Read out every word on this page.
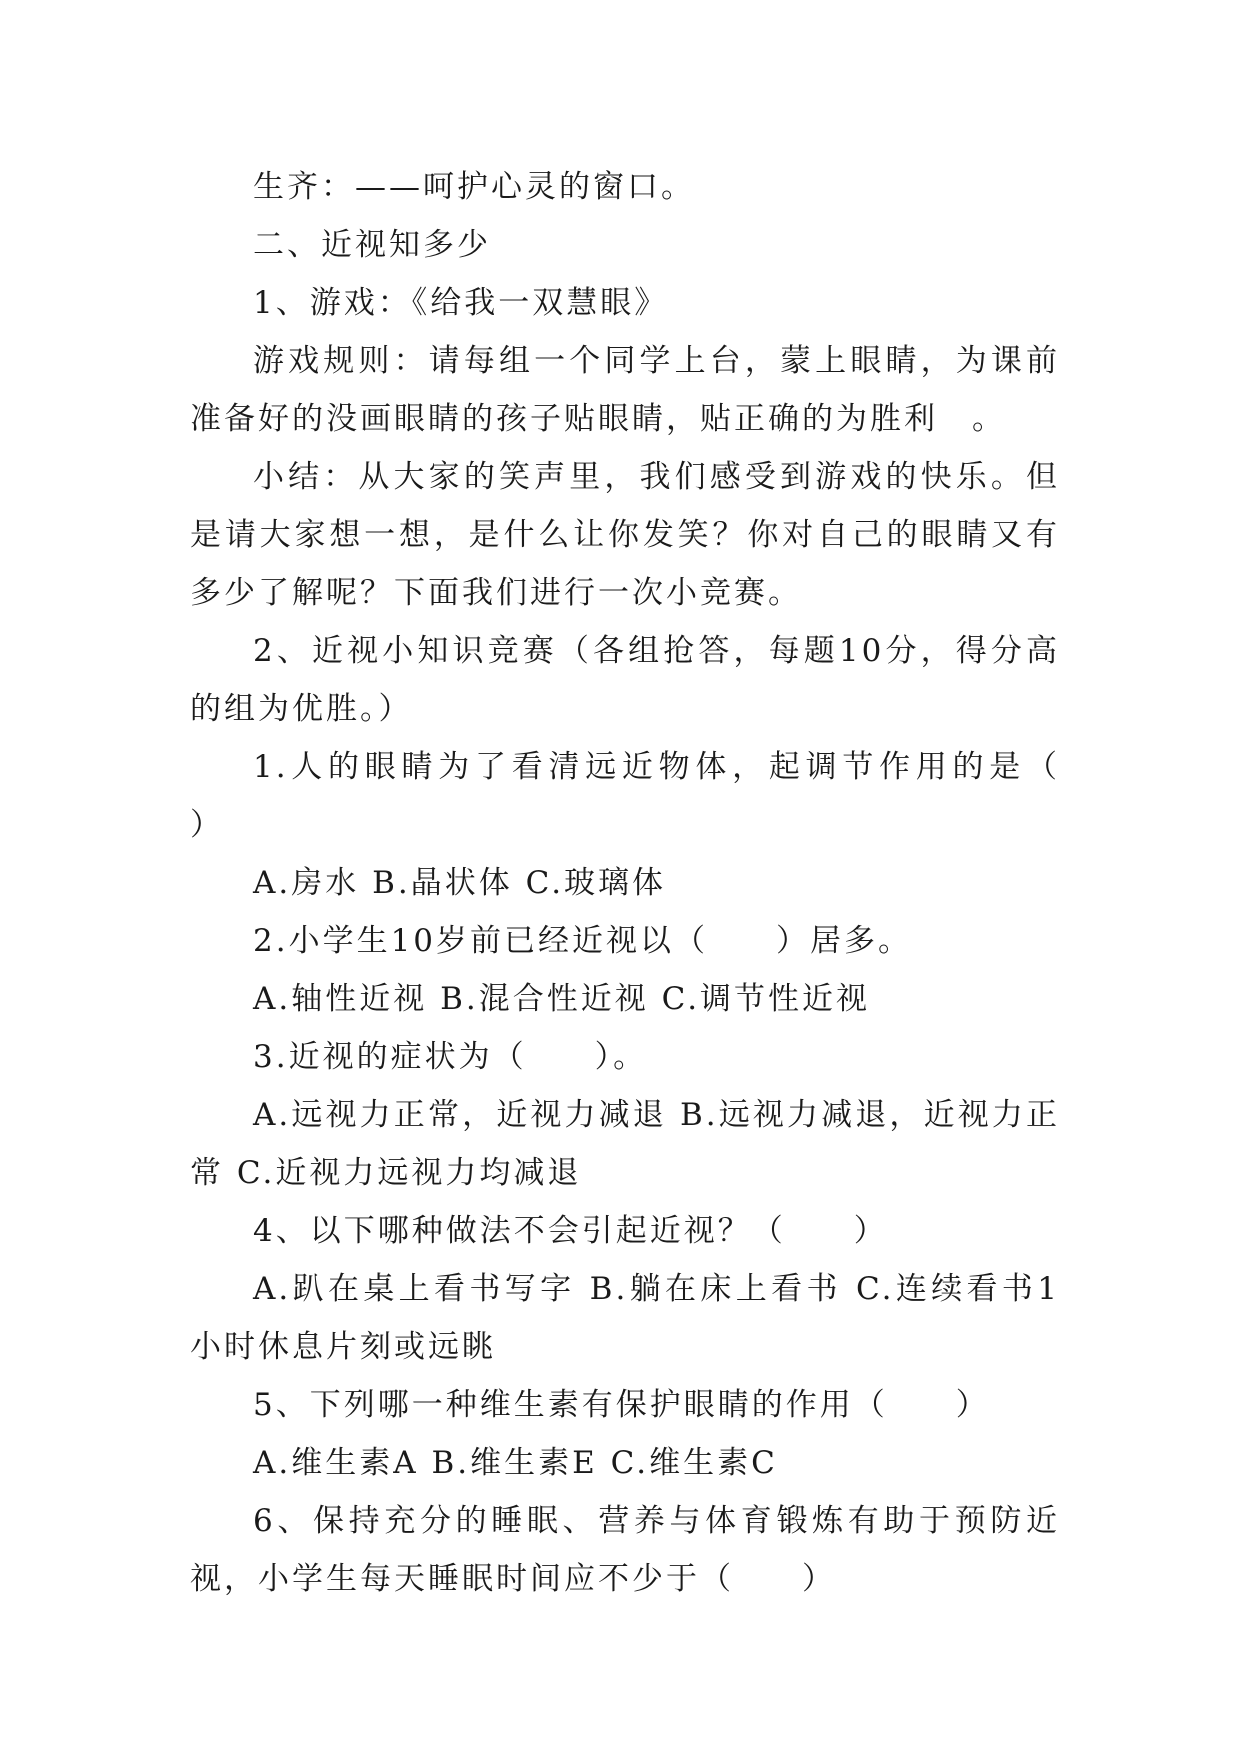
生齐：——呵护心灵的窗口。

二、近视知多少

1、游戏：《给我一双慧眼》

游戏规则：请每组一个同学上台，蒙上眼睛，为课前准备好的没画眼睛的孩子贴眼睛，贴正确的为胜利　。

小结：从大家的笑声里，我们感受到游戏的快乐。但是请大家想一想，是什么让你发笑？你对自己的眼睛又有多少了解呢？下面我们进行一次小竞赛。

2、近视小知识竞赛（各组抢答，每题10分，得分高的组为优胜。）

1.人的眼睛为了看清远近物体，起调节作用的是（　　）

A.房水 B.晶状体 C.玻璃体

2.小学生10岁前已经近视以（　　）居多。

A.轴性近视 B.混合性近视 C.调节性近视

3.近视的症状为（　　）。

A.远视力正常，近视力减退 B.远视力减退，近视力正常 C.近视力远视力均减退

4、以下哪种做法不会引起近视？（　　）

A.趴在桌上看书写字 B.躺在床上看书 C.连续看书1小时休息片刻或远眺

5、下列哪一种维生素有保护眼睛的作用（　　）

A.维生素A B.维生素E C.维生素C

6、保持充分的睡眠、营养与体育锻炼有助于预防近视，小学生每天睡眠时间应不少于（　　）
